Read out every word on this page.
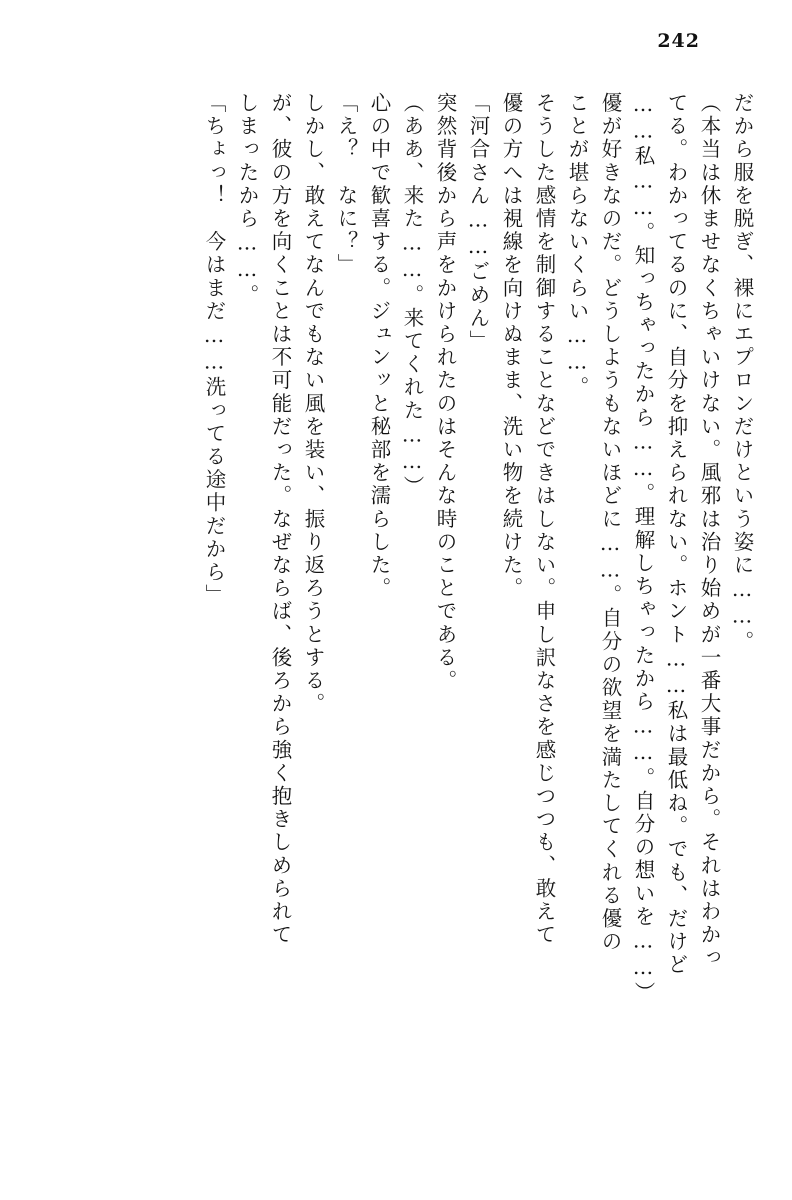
242
だから服を脱ぎ、裸にエプロンだけという姿に……。
（本当は休ませなくちゃいけない。風邪は治り始めが一番大事だから。それはわかっ
てる。わかってるのに、自分を抑えられない。ホント……私は最低ね。でも、だけど
……私……。知っちゃったから……。理解しちゃったから……。自分の想いを……）
優が好きなのだ。どうしようもないほどに……。自分の欲望を満たしてくれる優の
ことが堪らないくらい……。
そうした感情を制御することなどできはしない。申し訳なさを感じつつも、敢えて
優の方へは視線を向けぬまま、洗い物を続けた。
「河合さん……ごめん」
突然背後から声をかけられたのはそんな時のことである。
（ああ、来た……。来てくれた……）
心の中で歓喜する。ジュンッと秘部を濡らした。
「え？　なに？」
しかし、敢えてなんでもない風を装い、振り返ろうとする。
が、彼の方を向くことは不可能だった。なぜならば、後ろから強く抱きしめられて
しまったから……。
「ちょっ！　今はまだ……洗ってる途中だから」
